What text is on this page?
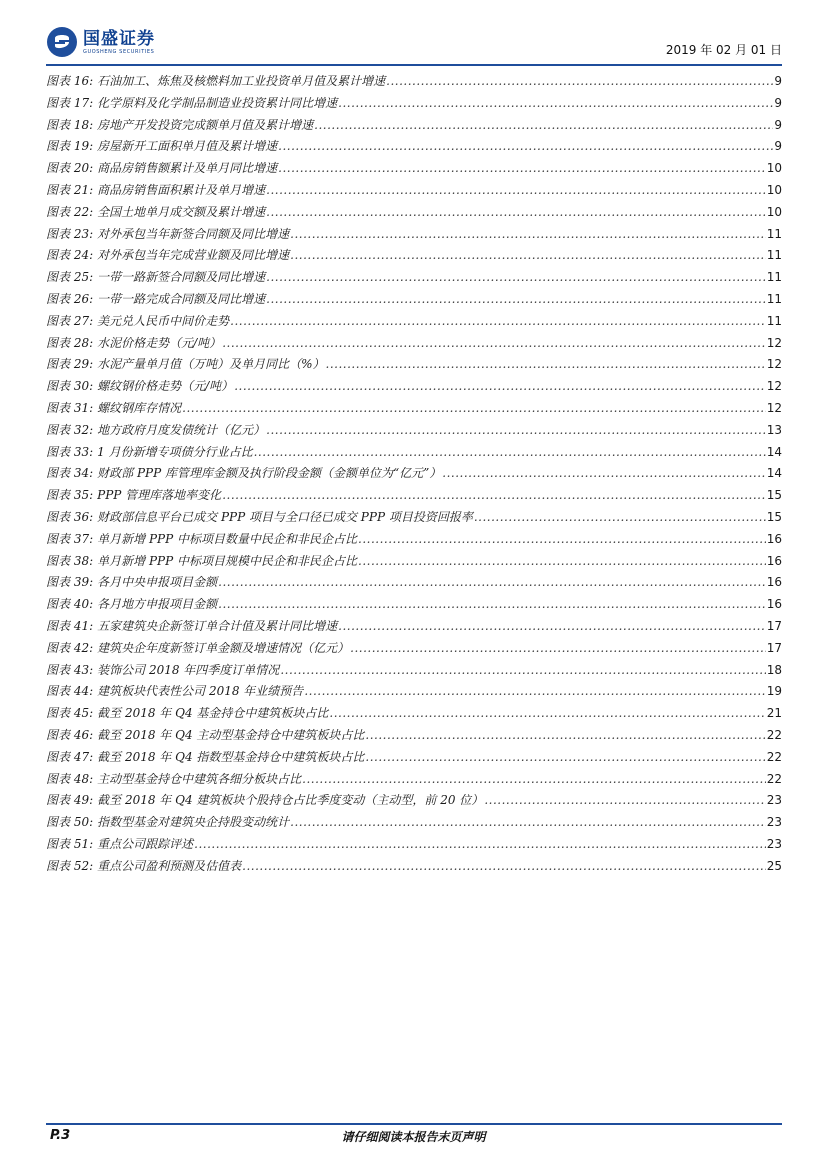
国盛证券
GUOSHENG SECURITIES	2019 年 02 月 01 日
图表 16: 石油加工、炼焦及核燃料加工业投资单月值及累计增速 .....	9
图表 17: 化学原料及化学制品制造业投资累计同比增速 .....	9
图表 18: 房地产开发投资完成额单月值及累计增速 .....	9
图表 19: 房屋新开工面积单月值及累计增速 .....	9
图表 20: 商品房销售额累计及单月同比增速 .....	10
图表 21: 商品房销售面积累计及单月增速 .....	10
图表 22: 全国土地单月成交额及累计增速 .....	10
图表 23: 对外承包当年新签合同额及同比增速 .....	11
图表 24: 对外承包当年完成营业额及同比增速 .....	11
图表 25: 一带一路新签合同额及同比增速 .....	11
图表 26: 一带一路完成合同额及同比增速 .....	11
图表 27: 美元兑人民币中间价走势 .....	11
图表 28: 水泥价格走势（元/吨） .....	12
图表 29: 水泥产量单月值（万吨）及单月同比（%） .....	12
图表 30: 螺纹钢价格走势（元/吨） .....	12
图表 31: 螺纹钢库存情况 .....	12
图表 32: 地方政府月度发债统计（亿元） .....	13
图表 33: 1 月份新增专项债分行业占比 .....	14
图表 34: 财政部 PPP 库管理库金额及执行阶段金额（金额单位为“亿元”） .....	14
图表 35: PPP 管理库落地率变化 .....	15
图表 36: 财政部信息平台已成交 PPP 项目与全口径已成交 PPP 项目投资回报率 .....	15
图表 37: 单月新增 PPP 中标项目数量中民企和非民企占比 .....	16
图表 38: 单月新增 PPP 中标项目规模中民企和非民企占比 .....	16
图表 39: 各月中央申报项目金额 .....	16
图表 40: 各月地方申报项目金额 .....	16
图表 41: 五家建筑央企新签订单合计值及累计同比增速 .....	17
图表 42: 建筑央企年度新签订单金额及增速情况（亿元） .....	17
图表 43: 装饰公司 2018 年四季度订单情况 .....	18
图表 44: 建筑板块代表性公司 2018 年业绩预告 .....	19
图表 45: 截至 2018 年 Q4 基金持仓中建筑板块占比 .....	21
图表 46: 截至 2018 年 Q4 主动型基金持仓中建筑板块占比 .....	22
图表 47: 截至 2018 年 Q4 指数型基金持仓中建筑板块占比 .....	22
图表 48: 主动型基金持仓中建筑各细分板块占比 .....	22
图表 49: 截至 2018 年 Q4 建筑板块个股持仓占比季度变动（主动型，前 20 位） .....	23
图表 50: 指数型基金对建筑央企持股变动统计 .....	23
图表 51: 重点公司跟踪评述 .....	23
图表 52: 重点公司盈利预测及估值表 .....	25
P.3	请仔细阅读本报告末页声明
